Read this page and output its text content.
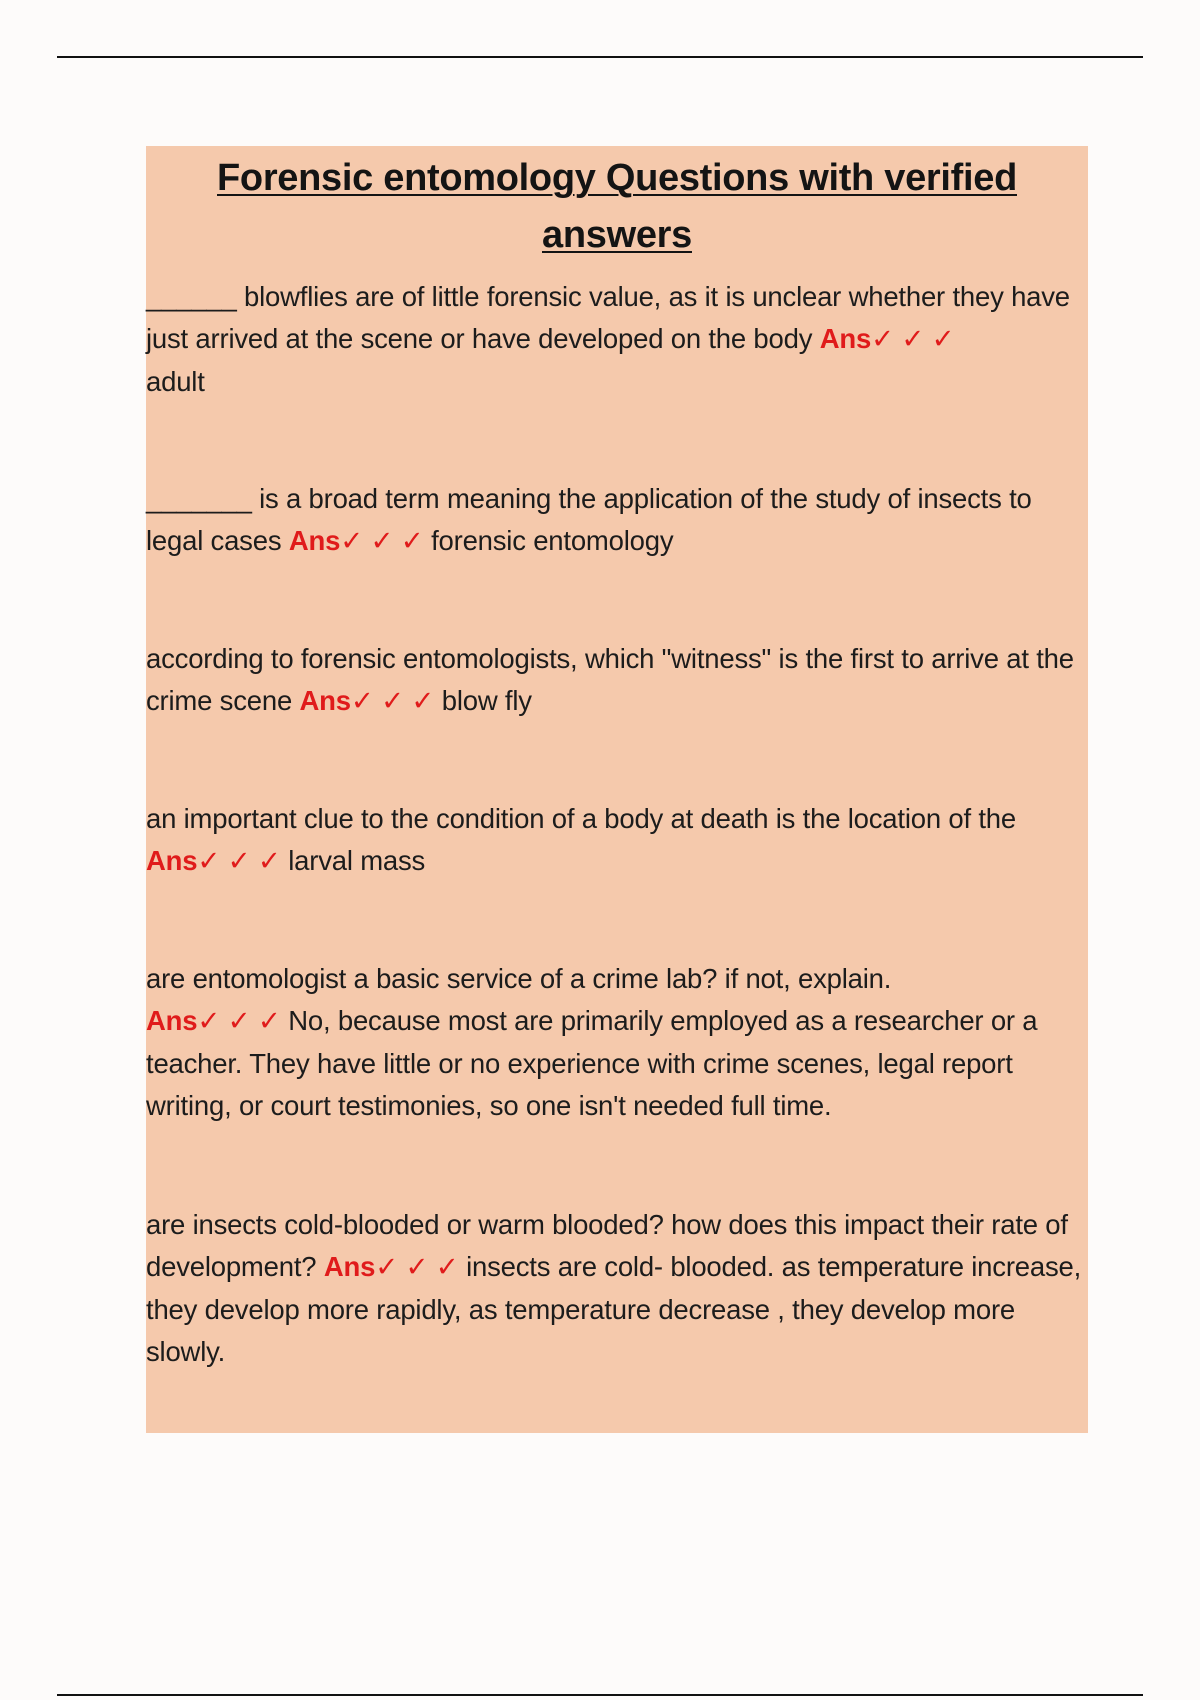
Forensic entomology Questions with verified answers

______ blowflies are of little forensic value, as it is unclear whether they have just arrived at the scene or have developed on the body Ans✓ ✓ ✓
adult

_______ is a broad term meaning the application of the study of insects to legal cases Ans✓ ✓ ✓ forensic entomology

according to forensic entomologists, which "witness" is the first to arrive at the crime scene Ans✓ ✓ ✓ blow fly

an important clue to the condition of a body at death is the location of the Ans✓ ✓ ✓ larval mass

are entomologist a basic service of a crime lab? if not, explain.
Ans✓ ✓ ✓ No, because most are primarily employed as a researcher or a teacher. They have little or no experience with crime scenes, legal report writing, or court testimonies, so one isn't needed full time.

are insects cold-blooded or warm blooded? how does this impact their rate of development? Ans✓ ✓ ✓ insects are cold- blooded. as temperature increase, they develop more rapidly, as temperature decrease , they develop more slowly.
